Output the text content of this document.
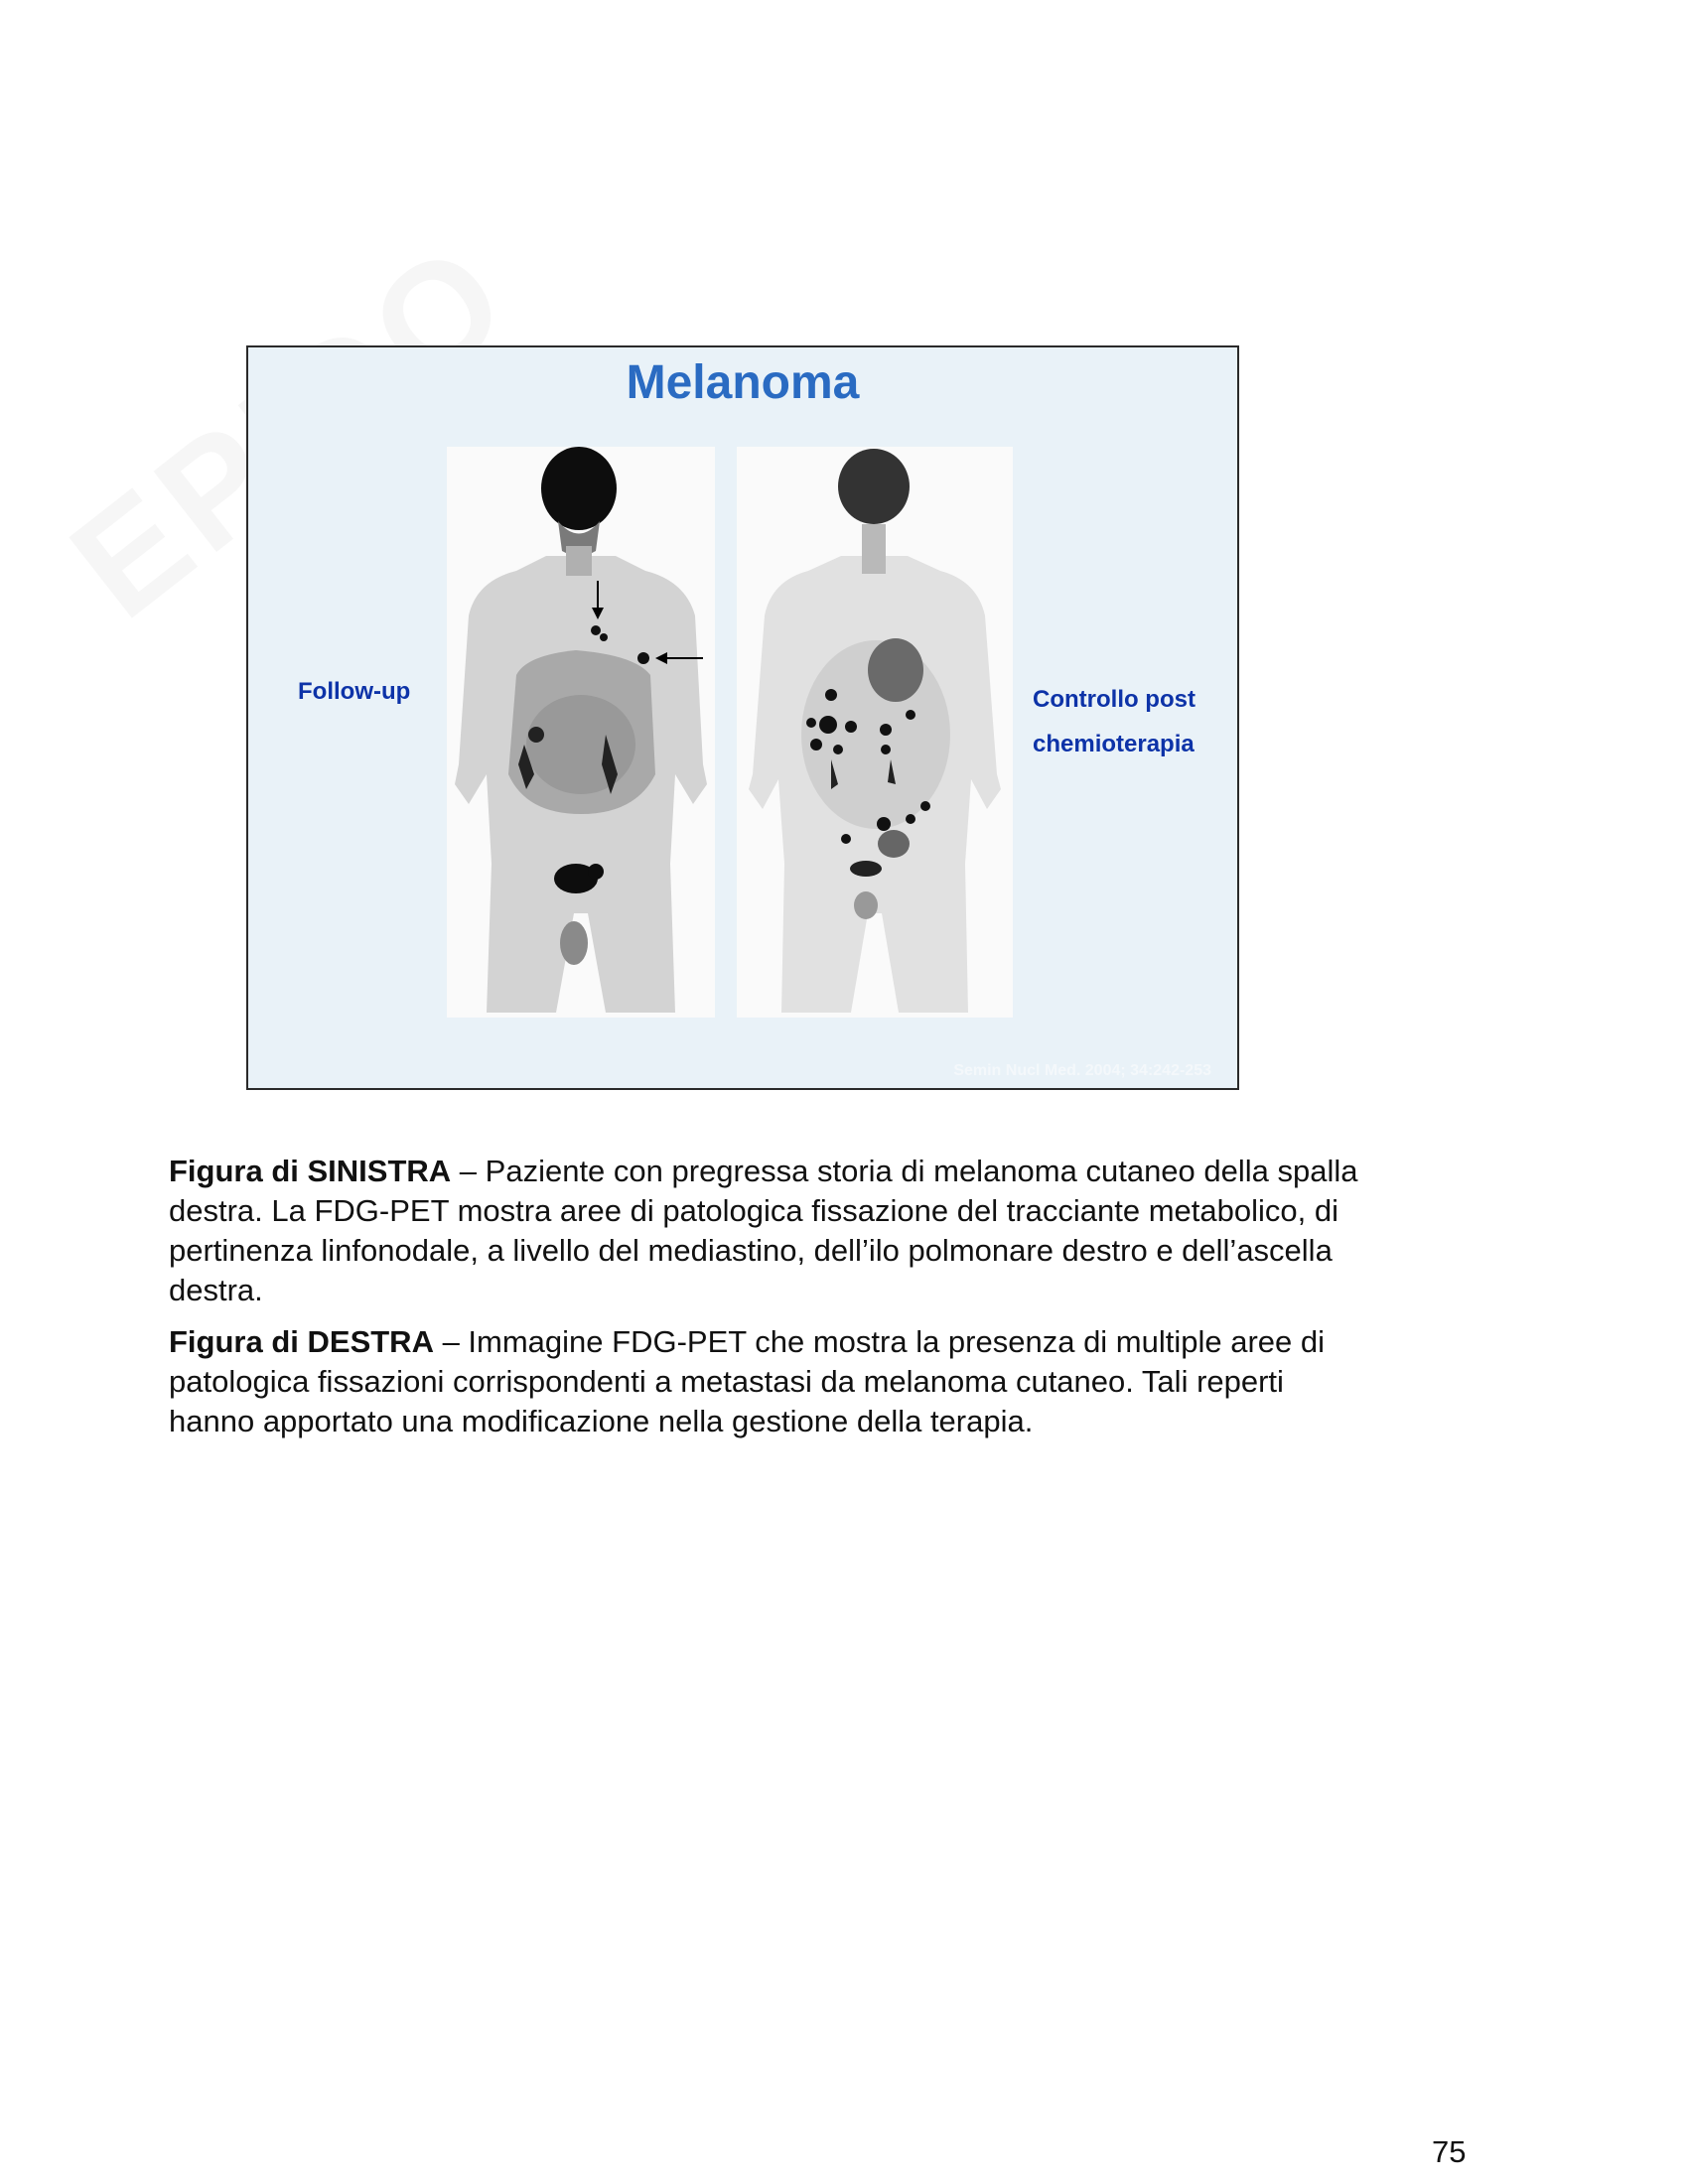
Melanoma
Follow-up	Controllo post
chemioterapia
Semin Nucl Med. 2004; 34:242-253

Figura di SINISTRA – Paziente con pregressa storia di melanoma cutaneo della spalla destra. La FDG-PET mostra aree di patologica fissazione del tracciante metabolico, di pertinenza linfonodale, a livello del mediastino, dell’ilo polmonare destro e dell’ascella destra.

Figura di DESTRA – Immagine FDG-PET che mostra la presenza di multiple aree di patologica fissazioni corrispondenti a metastasi da melanoma cutaneo. Tali reperti hanno apportato una modificazione nella gestione della terapia.

75
